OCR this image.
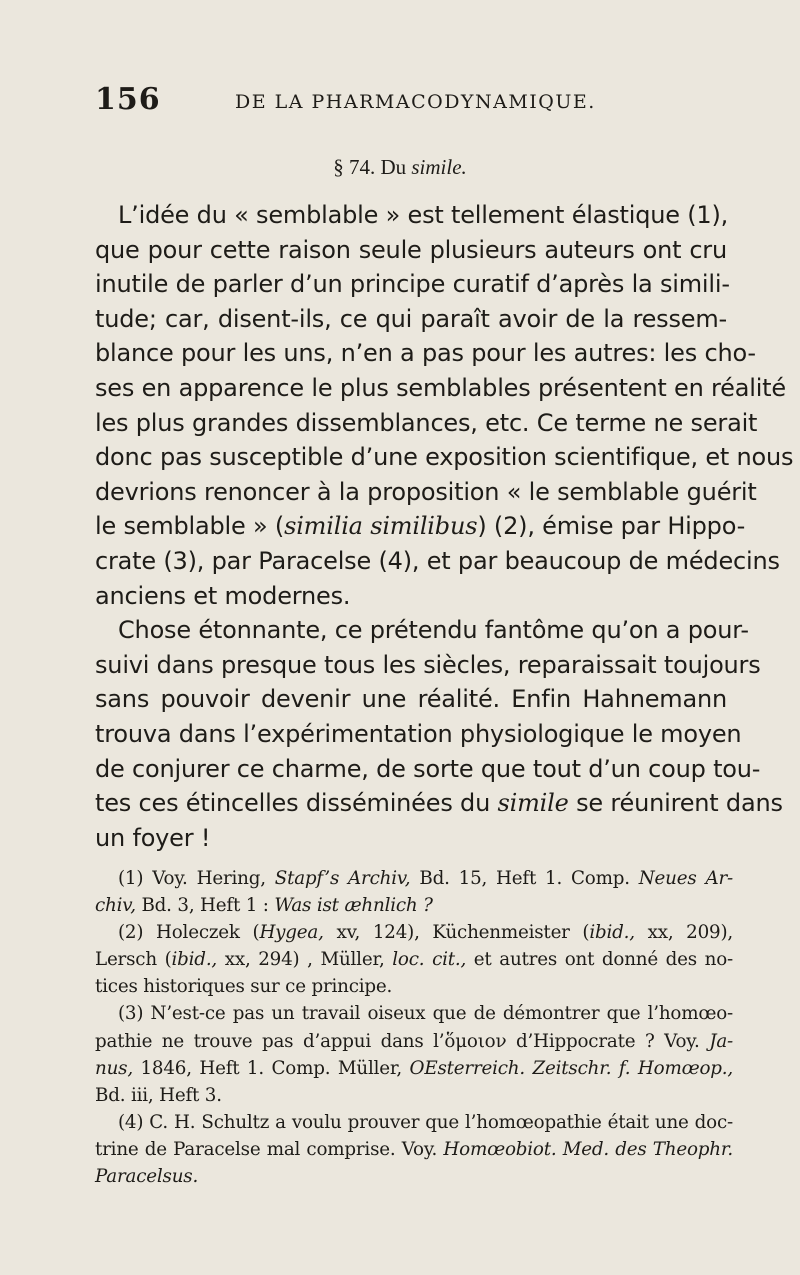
156	DE LA PHARMACODYNAMIQUE.
§ 74. Du simile.
L’idée du « semblable » est tellement élastique (1),
que pour cette raison seule plusieurs auteurs ont cru
inutile de parler d’un principe curatif d’après la simili-
tude; car, disent-ils, ce qui paraît avoir de la ressem-
blance pour les uns, n’en a pas pour les autres: les cho-
ses en apparence le plus semblables présentent en réalité
les plus grandes dissemblances, etc. Ce terme ne serait
donc pas susceptible d’une exposition scientifique, et nous
devrions renoncer à la proposition « le semblable guérit
le semblable » (similia similibus) (2), émise par Hippo-
crate (3), par Paracelse (4), et par beaucoup de médecins
anciens et modernes.
Chose étonnante, ce prétendu fantôme qu’on a pour-
suivi dans presque tous les siècles, reparaissait toujours
sans pouvoir devenir une réalité. Enfin Hahnemann
trouva dans l’expérimentation physiologique le moyen
de conjurer ce charme, de sorte que tout d’un coup tou-
tes ces étincelles disséminées du simile se réunirent dans
un foyer !
(1) Voy. Hering, Stapf’s Archiv, Bd. 15, Heft 1. Comp. Neues Ar-
chiv, Bd. 3, Heft 1 : Was ist æhnlich ?
(2) Holeczek (Hygea, xv, 124), Küchenmeister (ibid., xx, 209),
Lersch (ibid., xx, 294) , Müller, loc. cit., et autres ont donné des no-
tices historiques sur ce principe.
(3) N’est-ce pas un travail oiseux que de démontrer que l’homœo-
pathie ne trouve pas d’appui dans l’ὅμοιον d’Hippocrate ? Voy. Ja-
nus, 1846, Heft 1. Comp. Müller, OEsterreich. Zeitschr. f. Homœop.,
Bd. iii, Heft 3.
(4) C. H. Schultz a voulu prouver que l’homœopathie était une doc-
trine de Paracelse mal comprise. Voy. Homœobiot. Med. des Theophr.
Paracelsus.
